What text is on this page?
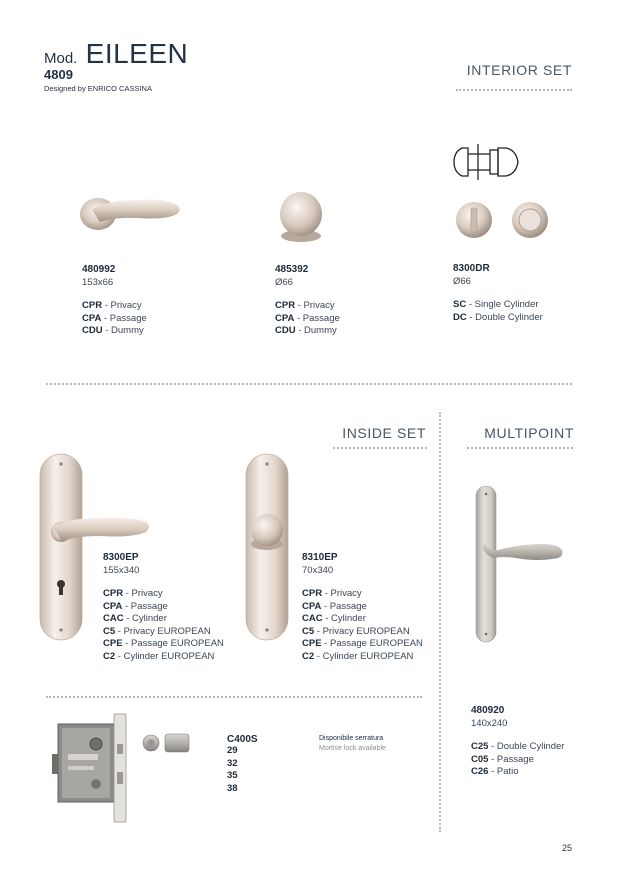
Mod. EILEEN
4809
Designed by ENRICO CASSINA
INTERIOR SET
480992
153x66
CPR - Privacy
CPA - Passage
CDU - Dummy
485392
Ø66
CPR - Privacy
CPA - Passage
CDU - Dummy
8300DR
Ø66
SC - Single Cylinder
DC - Double Cylinder
INSIDE SET	MULTIPOINT
8300EP
155x340
CPR - Privacy
CPA - Passage
CAC - Cylinder
C5 - Privacy EUROPEAN
CPE - Passage EUROPEAN
C2 - Cylinder EUROPEAN
8310EP
70x340
CPR - Privacy
CPA - Passage
CAC - Cylinder
C5 - Privacy EUROPEAN
CPE - Passage EUROPEAN
C2 - Cylinder EUROPEAN
480920
140x240
C25 - Double Cylinder
C05 - Passage
C26 - Patio
C400S
29
32
35
38
Disponibile serratura
Mortise lock available
25
